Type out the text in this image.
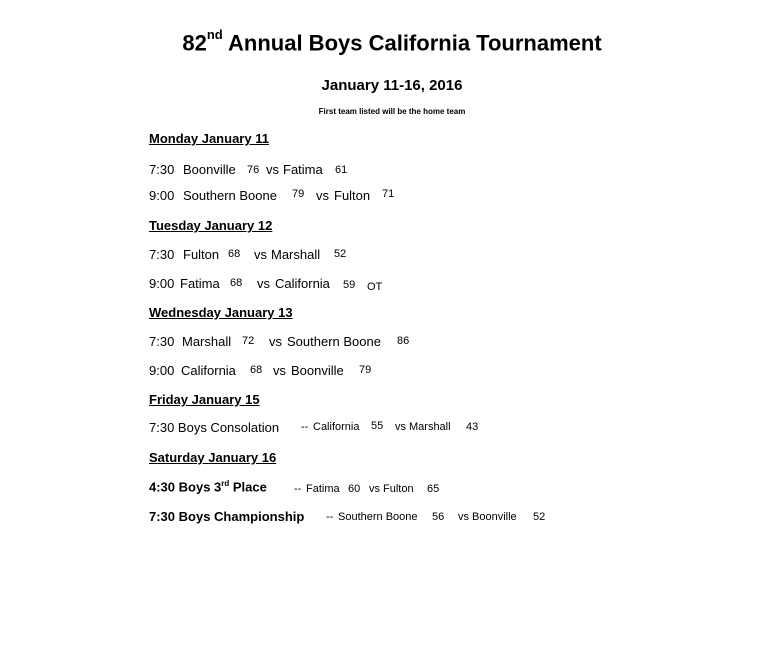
82nd Annual Boys California Tournament
January 11-16, 2016
First team listed will be the home team
Monday January 11
7:30 Boonville 76 vs Fatima 61
9:00 Southern Boone 79 vs Fulton 71
Tuesday January 12
7:30 Fulton 68 vs Marshall 52
9:00 Fatima 68 vs California 59 OT
Wednesday January 13
7:30 Marshall 72 vs Southern Boone 86
9:00 California 68 vs Boonville 79
Friday January 15
7:30 Boys Consolation -- California 55 vs Marshall 43
Saturday January 16
4:30 Boys 3rd Place -- Fatima 60 vs Fulton 65
7:30 Boys Championship -- Southern Boone 56 vs Boonville 52
